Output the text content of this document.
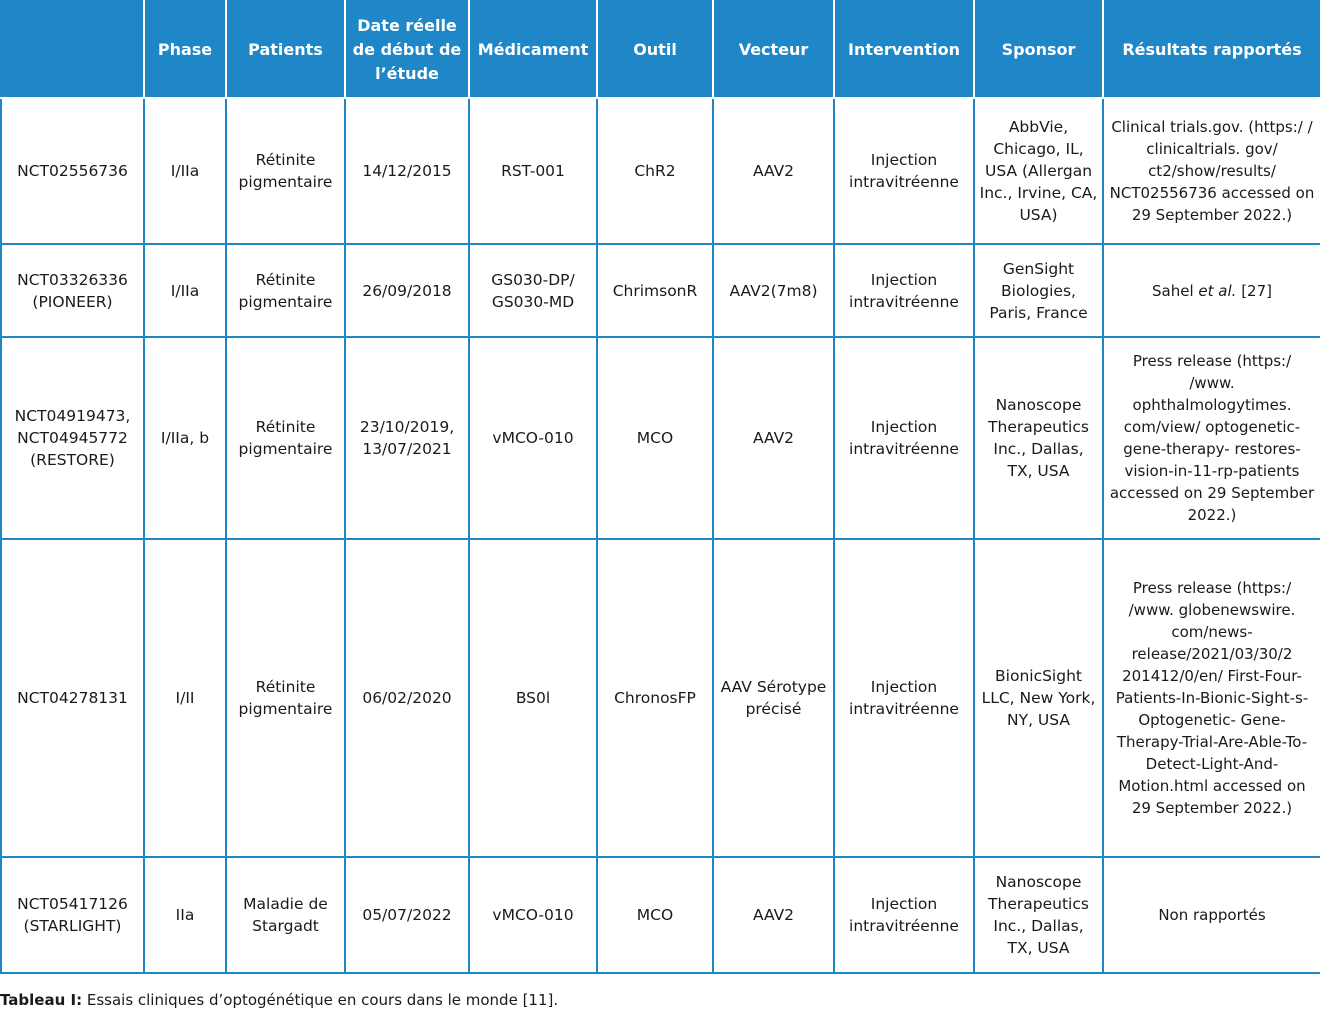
	Phase	Patients	Date réelle de début de l’étude	Médicament	Outil	Vecteur	Intervention	Sponsor	Résultats rapportés
NCT02556736	I/IIa	Rétinite pigmentaire	14/12/2015	RST-001	ChR2	AAV2	Injection intravitréenne	AbbVie, Chicago, IL, USA (Allergan Inc., Irvine, CA, USA)	Clinical trials.gov. (https:/ / clinicaltrials. gov/ ct2/show/results/ NCT02556736 accessed on 29 September 2022.)
NCT03326336 (PIONEER)	I/IIa	Rétinite pigmentaire	26/09/2018	GS030-DP/ GS030-MD	ChrimsonR	AAV2(7m8)	Injection intravitréenne	GenSight Biologies, Paris, France	Sahel et al. [27]
NCT04919473, NCT04945772 (RESTORE)	I/IIa, b	Rétinite pigmentaire	23/10/2019, 13/07/2021	vMCO-010	MCO	AAV2	Injection intravitréenne	Nanoscope Therapeutics Inc., Dallas, TX, USA	Press release (https:/ /www. ophthalmologytimes. com/view/ optogenetic-gene-therapy- restores-vision-in-11-rp-patients accessed on 29 September 2022.)
NCT04278131	I/II	Rétinite pigmentaire	06/02/2020	BS0l	ChronosFP	AAV Sérotype précisé	Injection intravitréenne	BionicSight LLC, New York, NY, USA	Press release (https:/ /www. globenewswire. com/news-release/2021/03/30/2 201412/0/en/ First-Four-Patients-In-Bionic-Sight-s-Optogenetic- Gene-Therapy-Trial-Are-Able-To- Detect-Light-And-Motion.html accessed on 29 September 2022.)
NCT05417126 (STARLIGHT)	IIa	Maladie de Stargadt	05/07/2022	vMCO-010	MCO	AAV2	Injection intravitréenne	Nanoscope Therapeutics Inc., Dallas, TX, USA	Non rapportés
Tableau I: Essais cliniques d’optogénétique en cours dans le monde [11].
